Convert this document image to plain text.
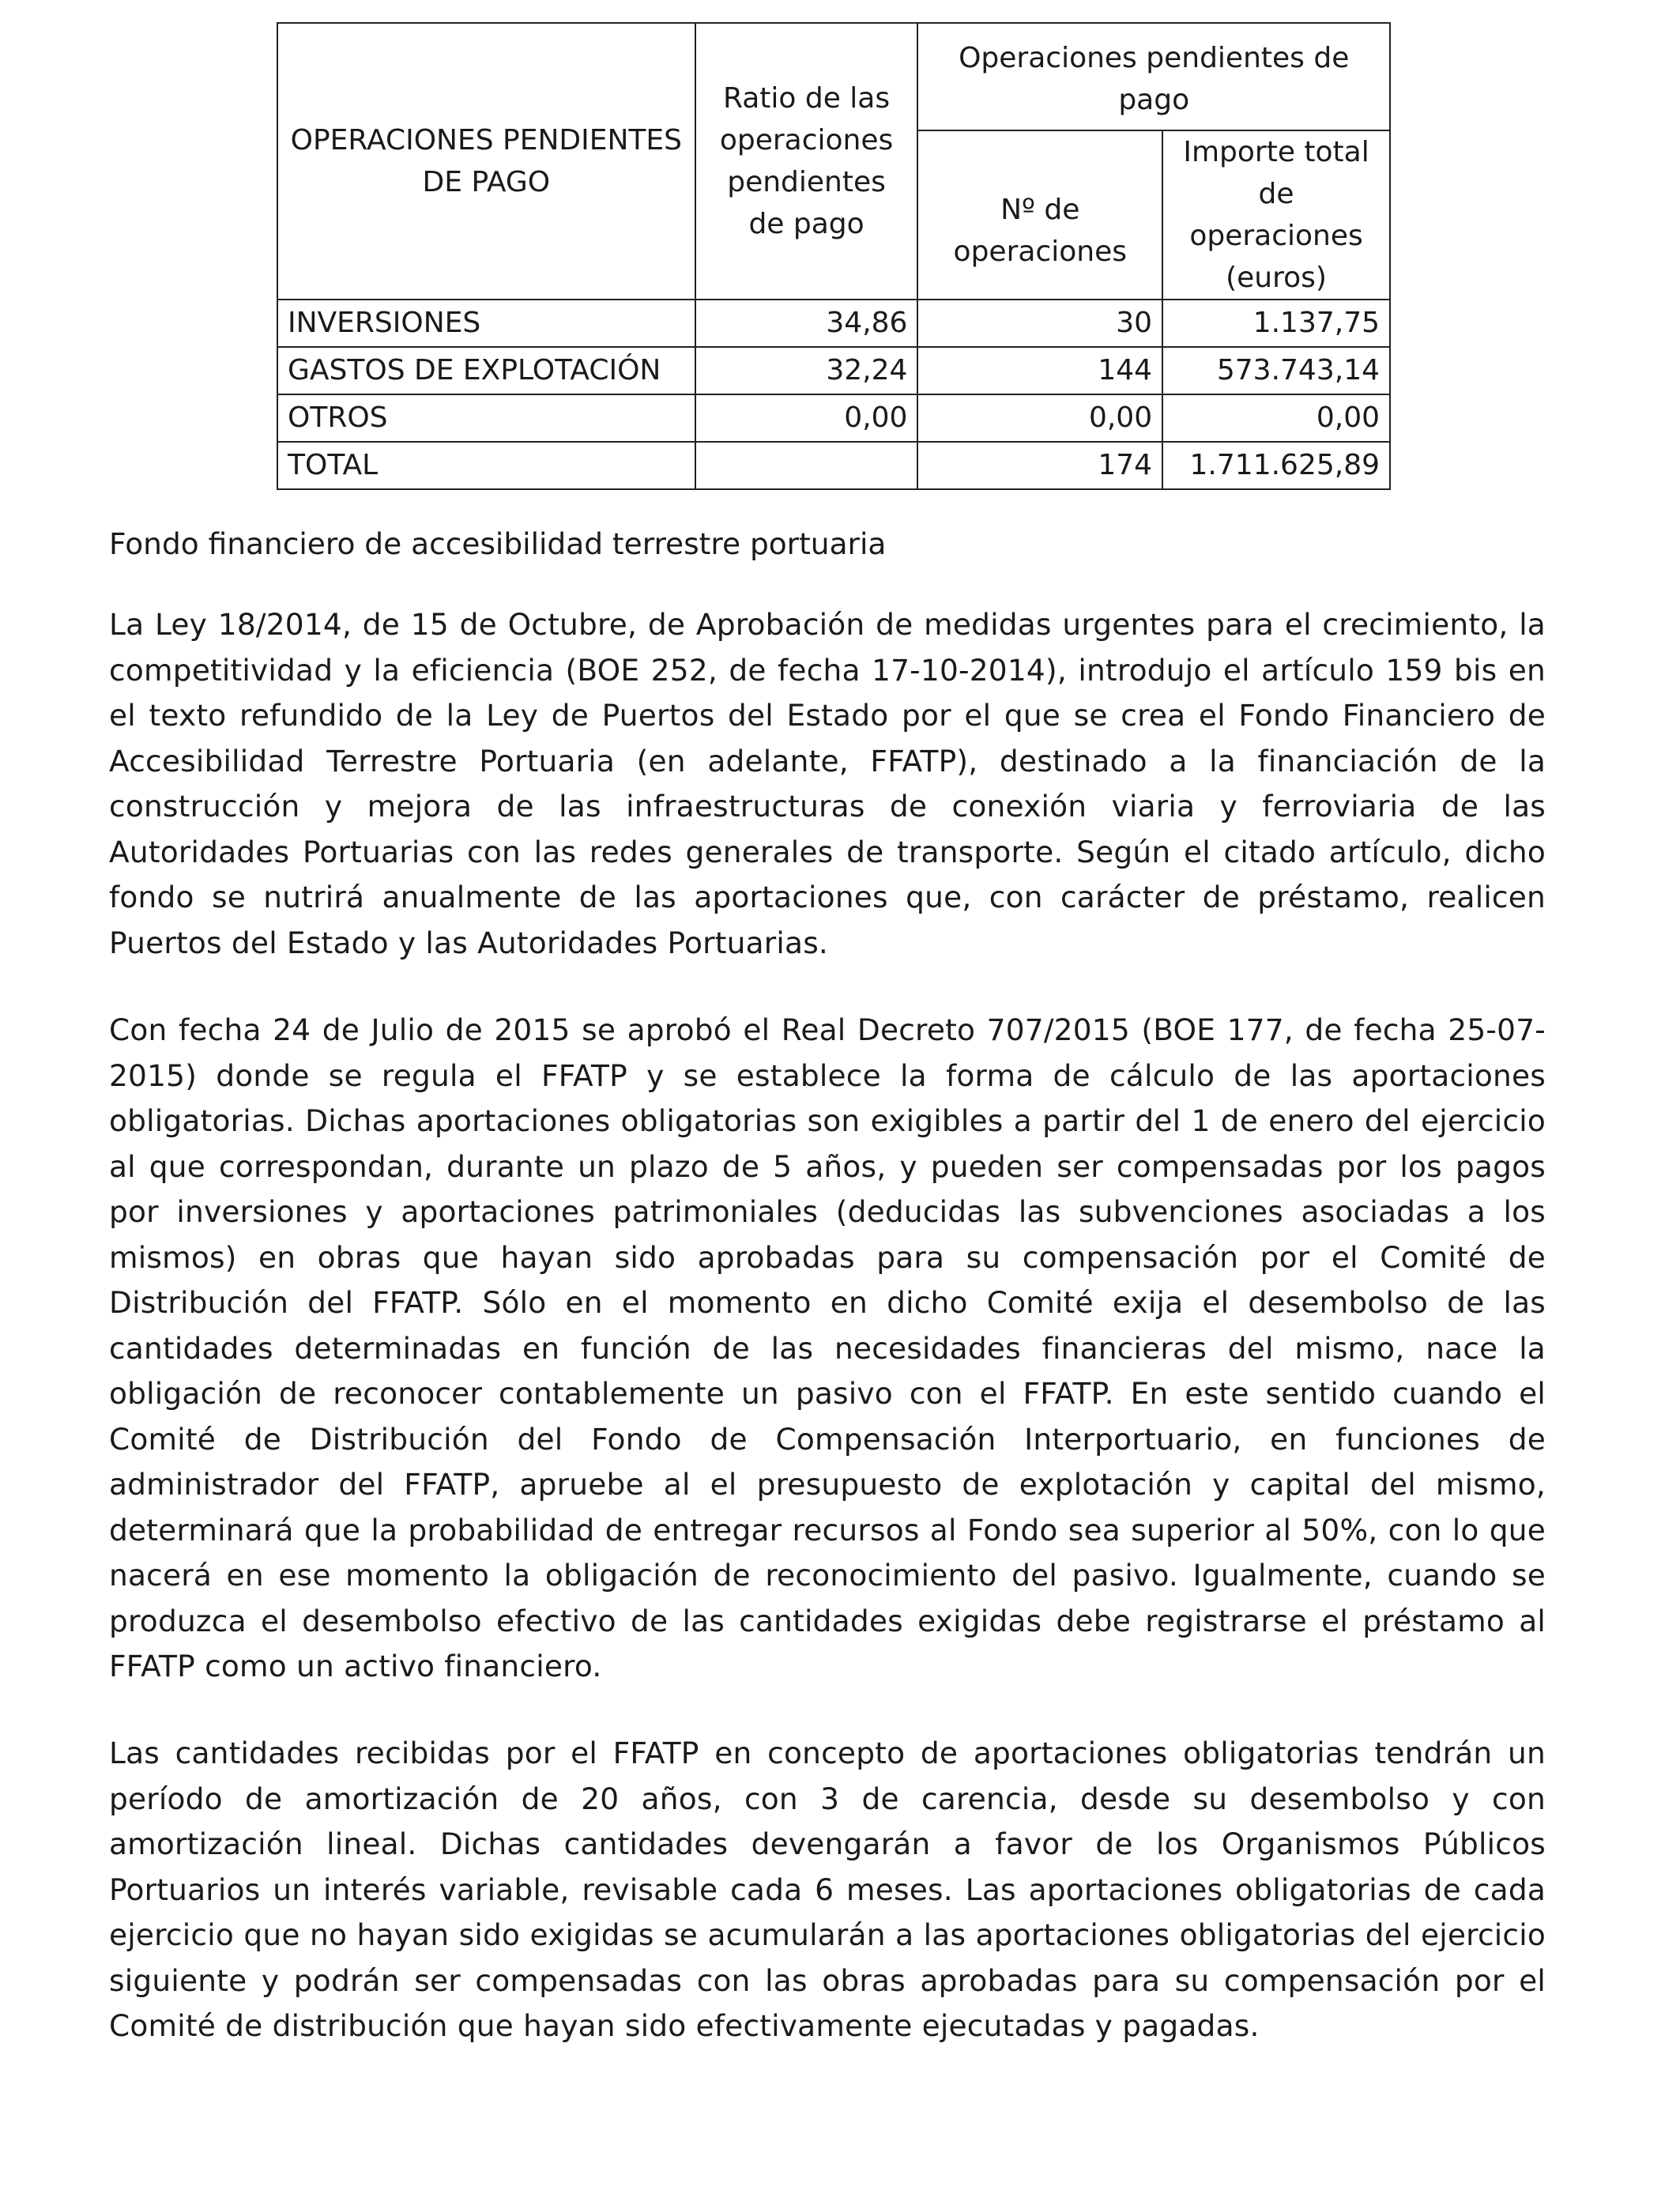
OPERACIONES PENDIENTES DE PAGO	Ratio de las operaciones pendientes de pago	Operaciones pendientes de pago	
		Nº de operaciones	Importe total de operaciones (euros)
INVERSIONES	34,86	30	1.137,75
GASTOS DE EXPLOTACIÓN	32,24	144	573.743,14
OTROS	0,00	0,00	0,00
TOTAL		174	1.711.625,89

Fondo financiero de accesibilidad terrestre portuaria

La Ley 18/2014, de 15 de Octubre, de Aprobación de medidas urgentes para el crecimiento, la competitividad y la eficiencia (BOE 252, de fecha 17-10-2014), introdujo el artículo 159 bis en el texto refundido de la Ley de Puertos del Estado por el que se crea el Fondo Financiero de Accesibilidad Terrestre Portuaria (en adelante, FFATP), destinado a la financiación de la construcción y mejora de las infraestructuras de conexión viaria y ferroviaria de las Autoridades Portuarias con las redes generales de transporte. Según el citado artículo, dicho fondo se nutrirá anualmente de las aportaciones que, con carácter de préstamo, realicen Puertos del Estado y las Autoridades Portuarias.

Con fecha 24 de Julio de 2015 se aprobó el Real Decreto 707/2015 (BOE 177, de fecha 25-07-2015) donde se regula el FFATP y se establece la forma de cálculo de las aportaciones obligatorias. Dichas aportaciones obligatorias son exigibles a partir del 1 de enero del ejercicio al que correspondan, durante un plazo de 5 años, y pueden ser compensadas por los pagos por inversiones y aportaciones patrimoniales (deducidas las subvenciones asociadas a los mismos) en obras que hayan sido aprobadas para su compensación por el Comité de Distribución del FFATP. Sólo en el momento en dicho Comité exija el desembolso de las cantidades determinadas en función de las necesidades financieras del mismo, nace la obligación de reconocer contablemente un pasivo con el FFATP. En este sentido cuando el Comité de Distribución del Fondo de Compensación Interportuario, en funciones de administrador del FFATP, apruebe al el presupuesto de explotación y capital del mismo, determinará que la probabilidad de entregar recursos al Fondo sea superior al 50%, con lo que nacerá en ese momento la obligación de reconocimiento del pasivo. Igualmente, cuando se produzca el desembolso efectivo de las cantidades exigidas debe registrarse el préstamo al FFATP como un activo financiero.

Las cantidades recibidas por el FFATP en concepto de aportaciones obligatorias tendrán un período de amortización de 20 años, con 3 de carencia, desde su desembolso y con amortización lineal. Dichas cantidades devengarán a favor de los Organismos Públicos Portuarios un interés variable, revisable cada 6 meses. Las aportaciones obligatorias de cada ejercicio que no hayan sido exigidas se acumularán a las aportaciones obligatorias del ejercicio siguiente y podrán ser compensadas con las obras aprobadas para su compensación por el Comité de distribución que hayan sido efectivamente ejecutadas y pagadas.
